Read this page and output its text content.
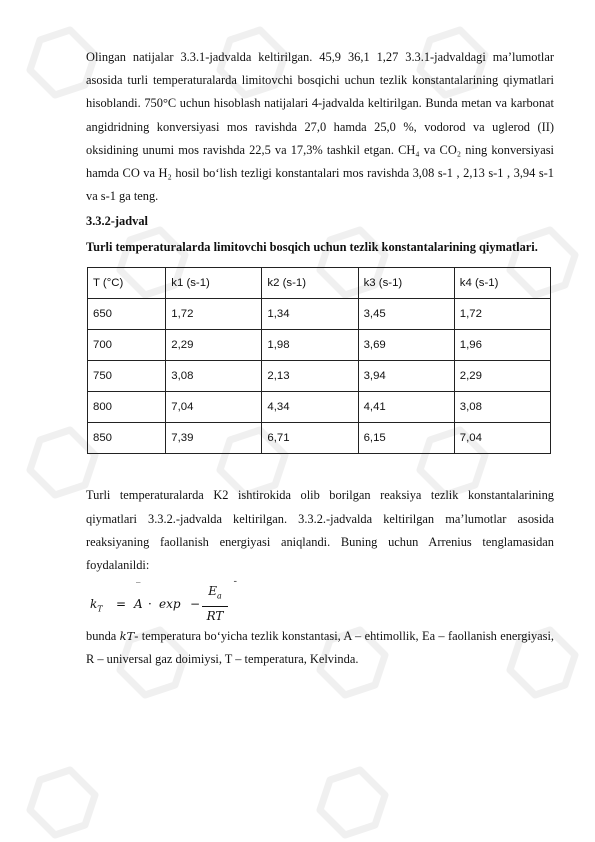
Olingan natijalar 3.3.1-jadvalda keltirilgan. 45,9 36,1 1,27 3.3.1-jadvaldagi ma’lumotlar asosida turli temperaturalarda limitovchi bosqichi uchun tezlik konstantalarining qiymatlari hisoblandi. 750°C uchun hisoblash natijalari 4-jadvalda keltirilgan. Bunda metan va karbonat angidridning konversiyasi mos ravishda 27,0 hamda 25,0 %, vodorod va uglerod (II) oksidining unumi mos ravishda 22,5 va 17,3% tashkil etgan. CH₄ va CO₂ ning konversiyasi hamda CO va H₂ hosil bo‘lish tezligi konstantalari mos ravishda 3,08 s-1 , 2,13 s-1 , 3,94 s-1 va s-1 ga teng.

3.3.2-jadval

Turli temperaturalarda limitovchi bosqich uchun tezlik konstantalarining qiymatlari.

T (°C)	k1 (s-1)	k2 (s-1)	k3 (s-1)	k4 (s-1)
650	1,72	1,34	3,45	1,72
700	2,29	1,98	3,69	1,96
750	3,08	2,13	3,94	2,29
800	7,04	4,34	4,41	3,08
850	7,39	6,71	6,15	7,04

Turli temperaturalarda K2 ishtirokida olib borilgan reaksiya tezlik konstantalarining qiymatlari 3.3.2.-jadvalda keltirilgan. 3.3.2.-jadvalda keltirilgan ma’lumotlar asosida reaksiyaning faollanish energiyasi aniqlandi. Buning uchun Arrenius tenglamasidan foydalanildi:

$k_T$ =
‾
A · exp −
$E_a$
RT
ˉ

bunda kT- temperatura bo‘yicha tezlik konstantasi, A – ehtimollik, Ea – faollanish energiyasi, R – universal gaz doimiysi, T – temperatura, Kelvinda.
